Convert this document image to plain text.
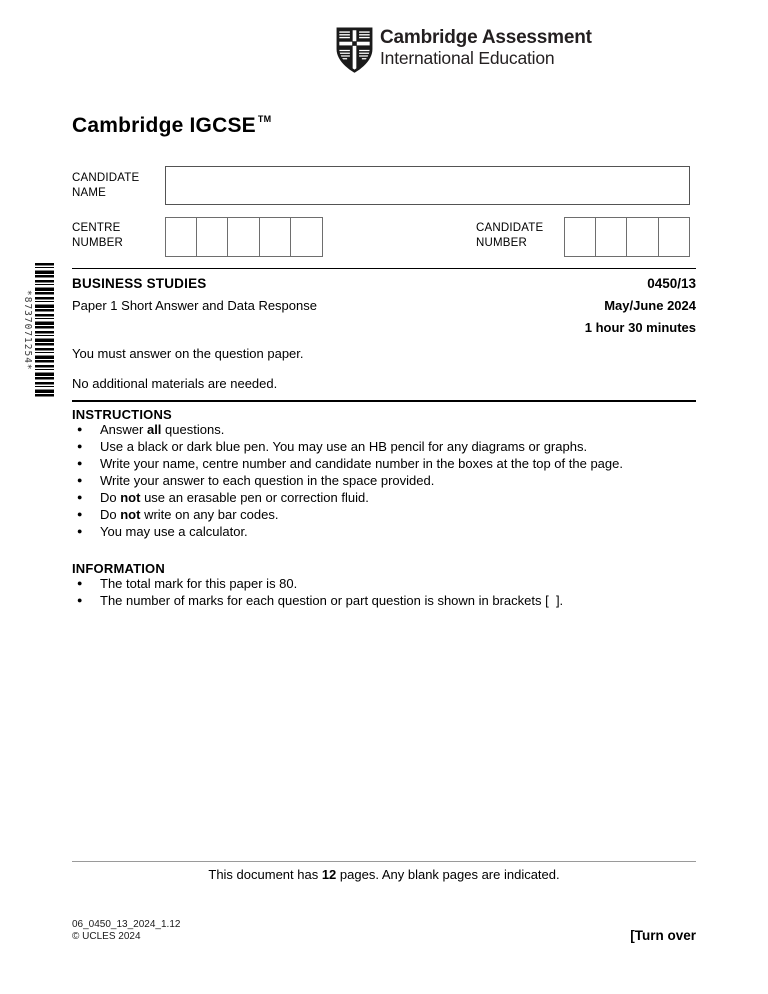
Cambridge Assessment
International Education
Cambridge IGCSE ™
CANDIDATE NAME
CENTRE NUMBER
CANDIDATE NUMBER
*8737071254*
BUSINESS STUDIES	0450/13
Paper 1 Short Answer and Data Response	May/June 2024
1 hour 30 minutes
You must answer on the question paper.
No additional materials are needed.
INSTRUCTIONS
●
Answer all questions.
●
Use a black or dark blue pen. You may use an HB pencil for any diagrams or graphs.
●
Write your name, centre number and candidate number in the boxes at the top of the page.
●
Write your answer to each question in the space provided.
●
Do not use an erasable pen or correction fluid.
●
Do not write on any bar codes.
●
You may use a calculator.
INFORMATION
●
The total mark for this paper is 80.
●
The number of marks for each question or part question is shown in brackets [  ].
This document has 12 pages. Any blank pages are indicated.
06_0450_13_2024_1.12
© UCLES 2024	[Turn over
